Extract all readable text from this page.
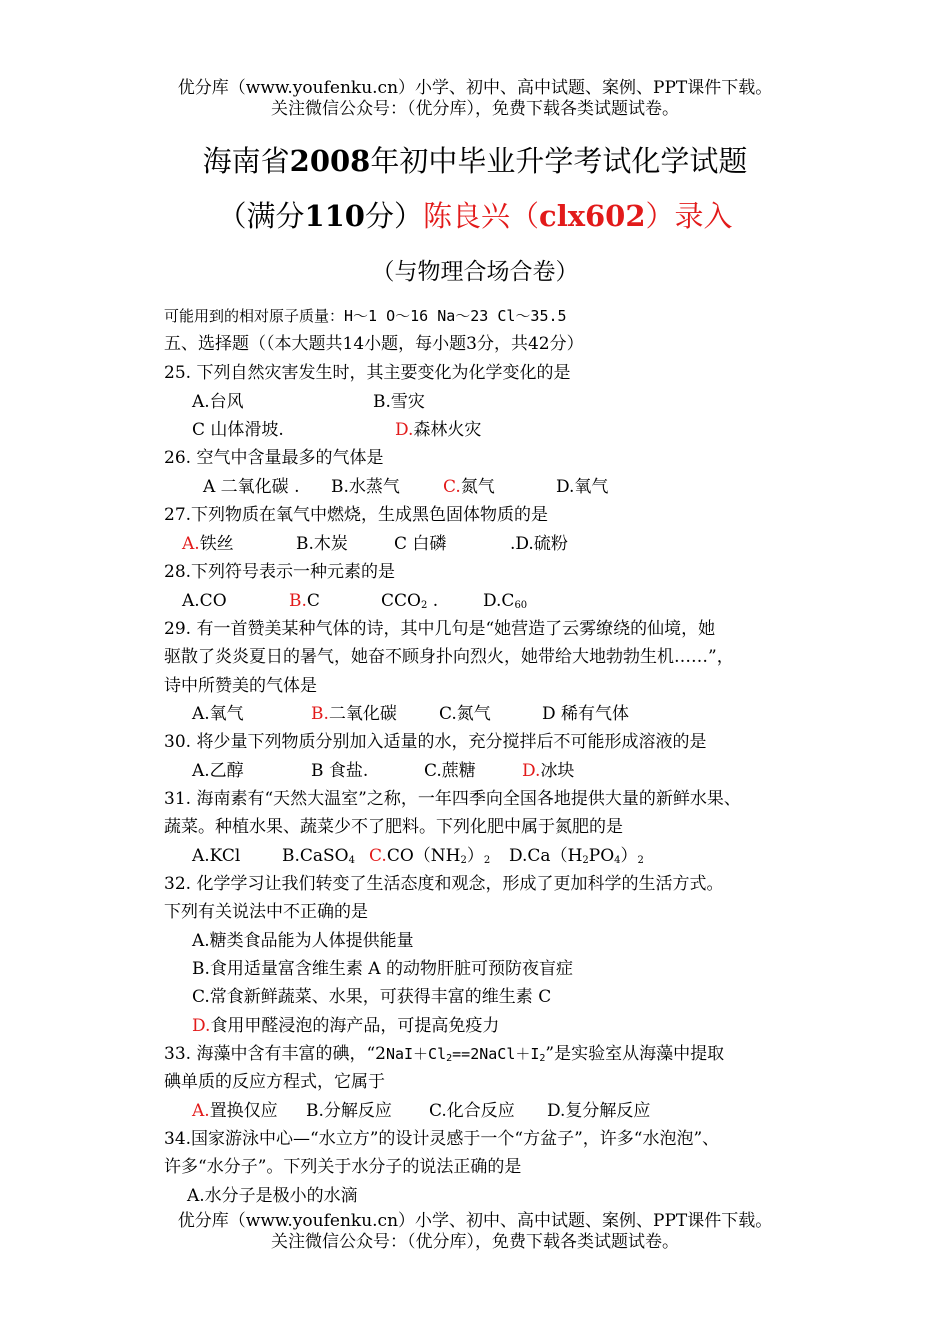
优分库（www.youfenku.cn）小学、初中、高中试题、案例、PPT课件下载。
关注微信公众号：（优分库），免费下载各类试题试卷。
海南省2008年初中毕业升学考试化学试题
（满分110分）陈良兴（clx602）录入
（与物理合场合卷）
可能用到的相对原子质量：H～1 O～16 Na～23 Cl～35.5
五、选择题（（本大题共14小题，每小题3分，共42分）
25. 下列自然灾害发生时，其主要变化为化学变化的是
A.台风	B.雪灾
C 山体滑坡.	D.森林火灾
26. 空气中含量最多的气体是
A 二氧化碳 . B.水蒸气	C.氮气	D.氧气
27.下列物质在氧气中燃烧，生成黑色固体物质的是
A.铁丝	B.木炭	C 白磷	.D.硫粉
28.下列符号表示一种元素的是
A.CO	B.C	$CCO_2$ .	$D.C_{60}$
29. 有一首赞美某种气体的诗，其中几句是“她营造了云雾缭绕的仙境，她
驱散了炎炎夏日的暑气，她奋不顾身扑向烈火，她带给大地勃勃生机……”，
诗中所赞美的气体是
A.氧气	B.二氧化碳 C.氮气	D 稀有气体
30. 将少量下列物质分别加入适量的水，充分搅拌后不可能形成溶液的是
A.乙醇	B 食盐.	C.蔗糖	D.冰块
31. 海南素有“天然大温室”之称，一年四季向全国各地提供大量的新鲜水果、
蔬菜。种植水果、蔬菜少不了肥料。下列化肥中属于氮肥的是
A.KCl B.CaSO$_4$ $C.CO(NH_2)_2$ $D.Ca(H_2PO_4)_2$
32. 化学学习让我们转变了生活态度和观念，形成了更加科学的生活方式。
下列有关说法中不正确的是
A.糖类食品能为人体提供能量
B.食用适量富含维生素 A 的动物肝脏可预防夜盲症
C.常食新鲜蔬菜、水果，可获得丰富的维生素 C
D.食用甲醛浸泡的海产品，可提高免疫力
33. 海藻中含有丰富的碘，“$2NaI+Cl_2==2NaCl+I_2$”是实验室从海藻中提取
碘单质的反应方程式，它属于
A.置换仅应 B.分解反应 C.化合反应 D.复分解反应
34.国家游泳中心—“水立方”的设计灵感于一个“方盆子”，许多“水泡泡”、
许多“水分子”。下列关于水分子的说法正确的是
A.水分子是极小的水滴
优分库（www.youfenku.cn）小学、初中、高中试题、案例、PPT课件下载。
关注微信公众号：（优分库），免费下载各类试题试卷。
